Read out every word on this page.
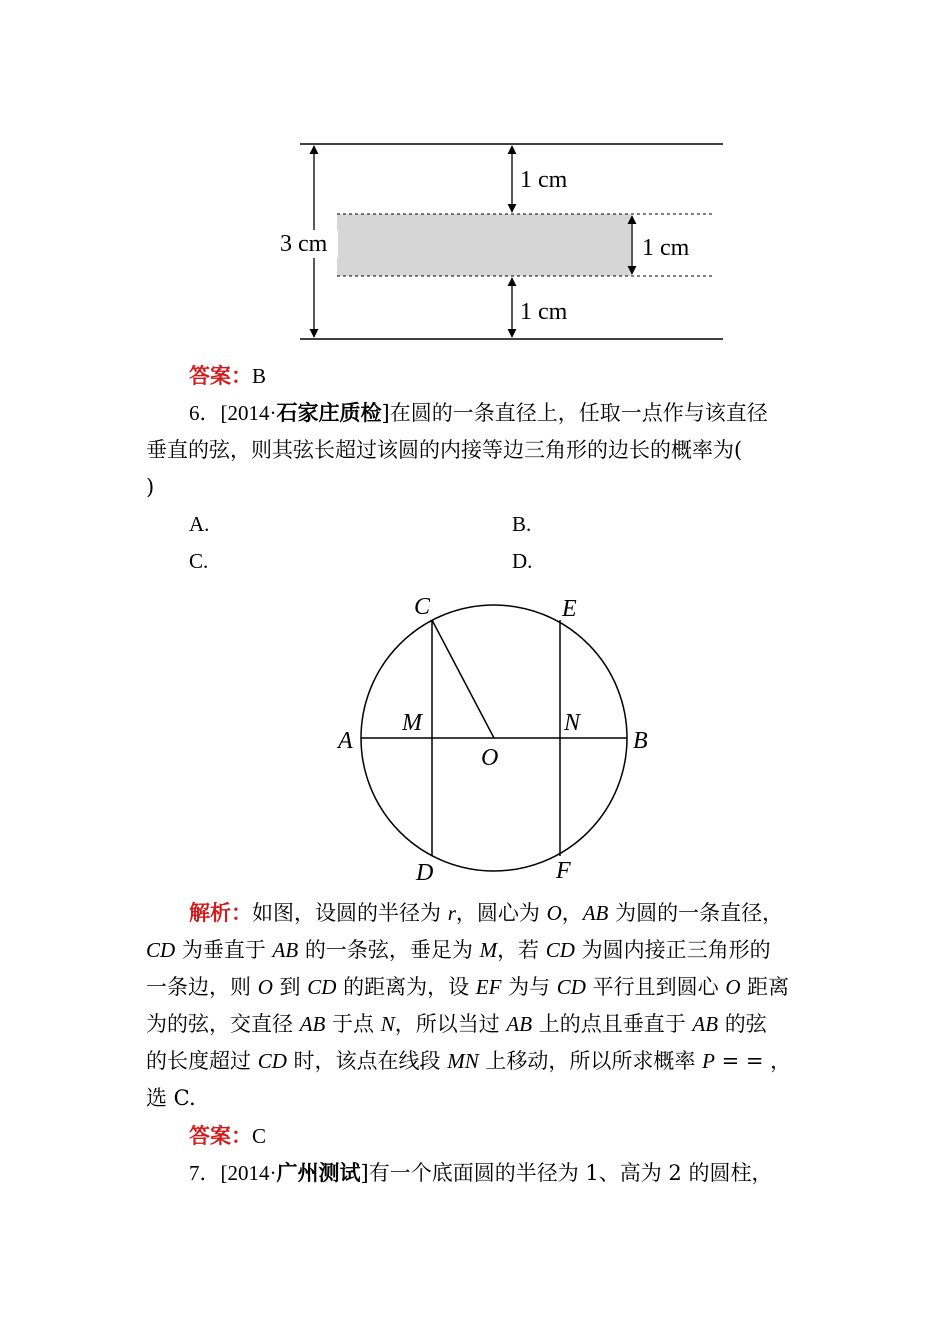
3 cm
1 cm
1 cm
1 cm
答案：B
6．[2014·石家庄质检]在圆的一条直径上，任取一点作与该直径
垂直的弦，则其弦长超过该圆的内接等边三角形的边长的概率为(
)
A.	B.
C.	D.
C	E
A	B
M	N
O
D	F
解析：如图，设圆的半径为 r，圆心为 O，AB 为圆的一条直径，
CD 为垂直于 AB 的一条弦，垂足为 M，若 CD 为圆内接正三角形的
一条边，则 O 到 CD 的距离为，设 EF 为与 CD 平行且到圆心 O 距离
为的弦，交直径 AB 于点 N，所以当过 AB 上的点且垂直于 AB 的弦
的长度超过 CD 时，该点在线段 MN 上移动，所以所求概率 P = = ，
选 C.
答案：C
7．[2014·广州测试]有一个底面圆的半径为 1、高为 2 的圆柱，
